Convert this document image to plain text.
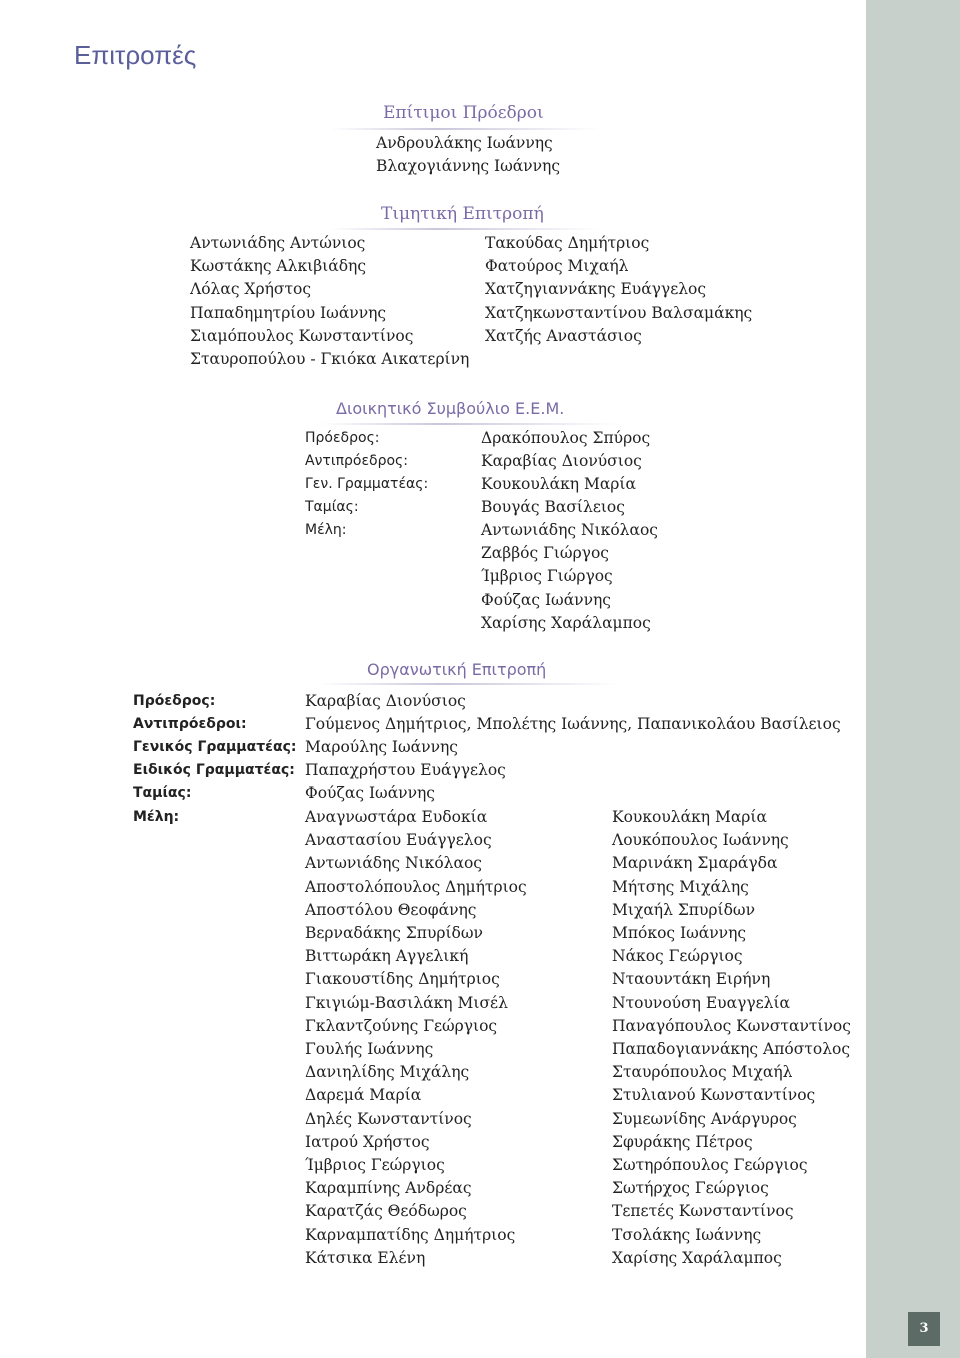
3
Επιτροπές
Επίτιμοι Πρόεδροι
Ανδρουλάκης Ιωάννης
Βλαχογιάννης Ιωάννης
Τιμητική Επιτροπή
Αντωνιάδης Αντώνιος
Κωστάκης Αλκιβιάδης
Λόλας Χρήστος
Παπαδημητρίου Ιωάννης
Σιαμόπουλος Κωνσταντίνος
Σταυροπούλου - Γκιόκα Αικατερίνη
Τακούδας Δημήτριος
Φατούρος Μιχαήλ
Χατζηγιαννάκης Ευάγγελος
Χατζηκωνσταντίνου Βαλσαμάκης
Χατζής Αναστάσιος
Διοικητικό Συμβούλιο Ε.Ε.Μ.
Πρόεδρος:	Δρακόπουλος Σπύρος
Αντιπρόεδρος:	Καραβίας Διονύσιος
Γεν. Γραμματέας:	Κουκουλάκη Μαρία
Ταμίας:	Βουγάς Βασίλειος
Μέλη:	Αντωνιάδης Νικόλαος
Ζαββός Γιώργος
Ίμβριος Γιώργος
Φούζας Ιωάννης
Χαρίσης Χαράλαμπος
Οργανωτική Επιτροπή
Πρόεδρος:	Καραβίας Διονύσιος
Αντιπρόεδροι:	Γούμενος Δημήτριος, Μπολέτης Ιωάννης, Παπανικολάου Βασίλειος
Γενικός Γραμματέας: Μαρούλης Ιωάννης
Ειδικός Γραμματέας: Παπαχρήστου Ευάγγελος
Ταμίας:	Φούζας Ιωάννης
Μέλη:	Αναγνωστάρα Ευδοκία
Αναστασίου Ευάγγελος
Αντωνιάδης Νικόλαος
Αποστολόπουλος Δημήτριος
Αποστόλου Θεοφάνης
Βερναδάκης Σπυρίδων
Βιττωράκη Αγγελική
Γιακουστίδης Δημήτριος
Γκιγιώμ-Βασιλάκη Μισέλ
Γκλαντζούνης Γεώργιος
Γουλής Ιωάννης
Δανιηλίδης Μιχάλης
Δαρεμά Μαρία
Δηλές Κωνσταντίνος
Ιατρού Χρήστος
Ίμβριος Γεώργιος
Καραμπίνης Ανδρέας
Καρατζάς Θεόδωρος
Καρναμπατίδης Δημήτριος
Κάτσικα Ελένη
Κουκουλάκη Μαρία
Λουκόπουλος Ιωάννης
Μαρινάκη Σμαράγδα
Μήτσης Μιχάλης
Μιχαήλ Σπυρίδων
Μπόκος Ιωάννης
Νάκος Γεώργιος
Νταουντάκη Ειρήνη
Ντουνούση Ευαγγελία
Παναγόπουλος Κωνσταντίνος
Παπαδογιαννάκης Απόστολος
Σταυρόπουλος Μιχαήλ
Στυλιανού Κωνσταντίνος
Συμεωνίδης Ανάργυρος
Σφυράκης Πέτρος
Σωτηρόπουλος Γεώργιος
Σωτήρχος Γεώργιος
Τεπετές Κωνσταντίνος
Τσολάκης Ιωάννης
Χαρίσης Χαράλαμπος
